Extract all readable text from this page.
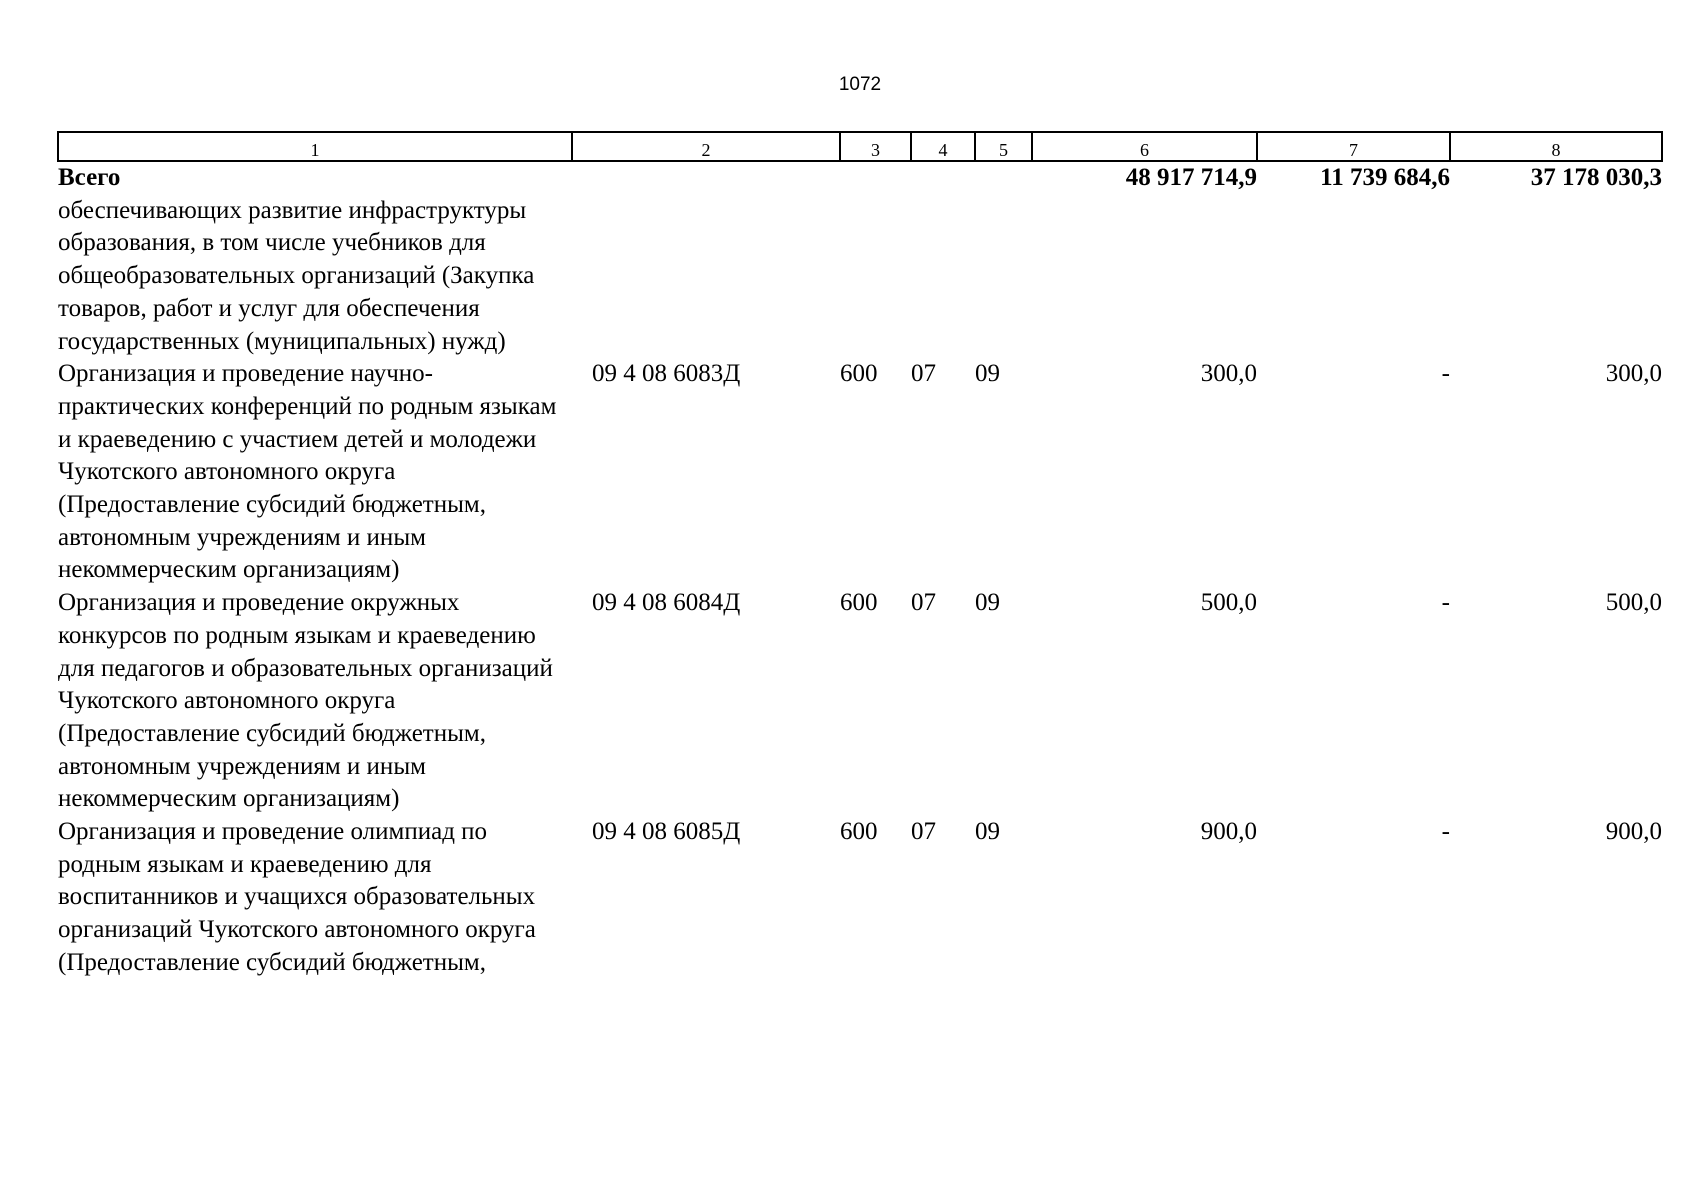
1072
1	2	3	4	5	6	7	8
Всего					48 917 714,9	11 739 684,6	37 178 030,3
обеспечивающих развитие инфраструктуры образования, в том числе учебников для общеобразовательных организаций (Закупка товаров, работ и услуг для обеспечения государственных (муниципальных) нужд)							
Организация и проведение научно-практических конференций по родным языкам и краеведению с участием детей и молодежи Чукотского автономного округа (Предоставление субсидий бюджетным, автономным учреждениям и иным некоммерческим организациям)	09 4 08 6083Д	600	07	09	300,0	-	300,0
Организация и проведение окружных конкурсов по родным языкам и краеведению для педагогов и образовательных организаций Чукотского автономного округа (Предоставление субсидий бюджетным, автономным учреждениям и иным некоммерческим организациям)	09 4 08 6084Д	600	07	09	500,0	-	500,0
Организация и проведение олимпиад по родным языкам и краеведению для воспитанников и учащихся образовательных организаций Чукотского автономного округа (Предоставление субсидий бюджетным,	09 4 08 6085Д	600	07	09	900,0	-	900,0
